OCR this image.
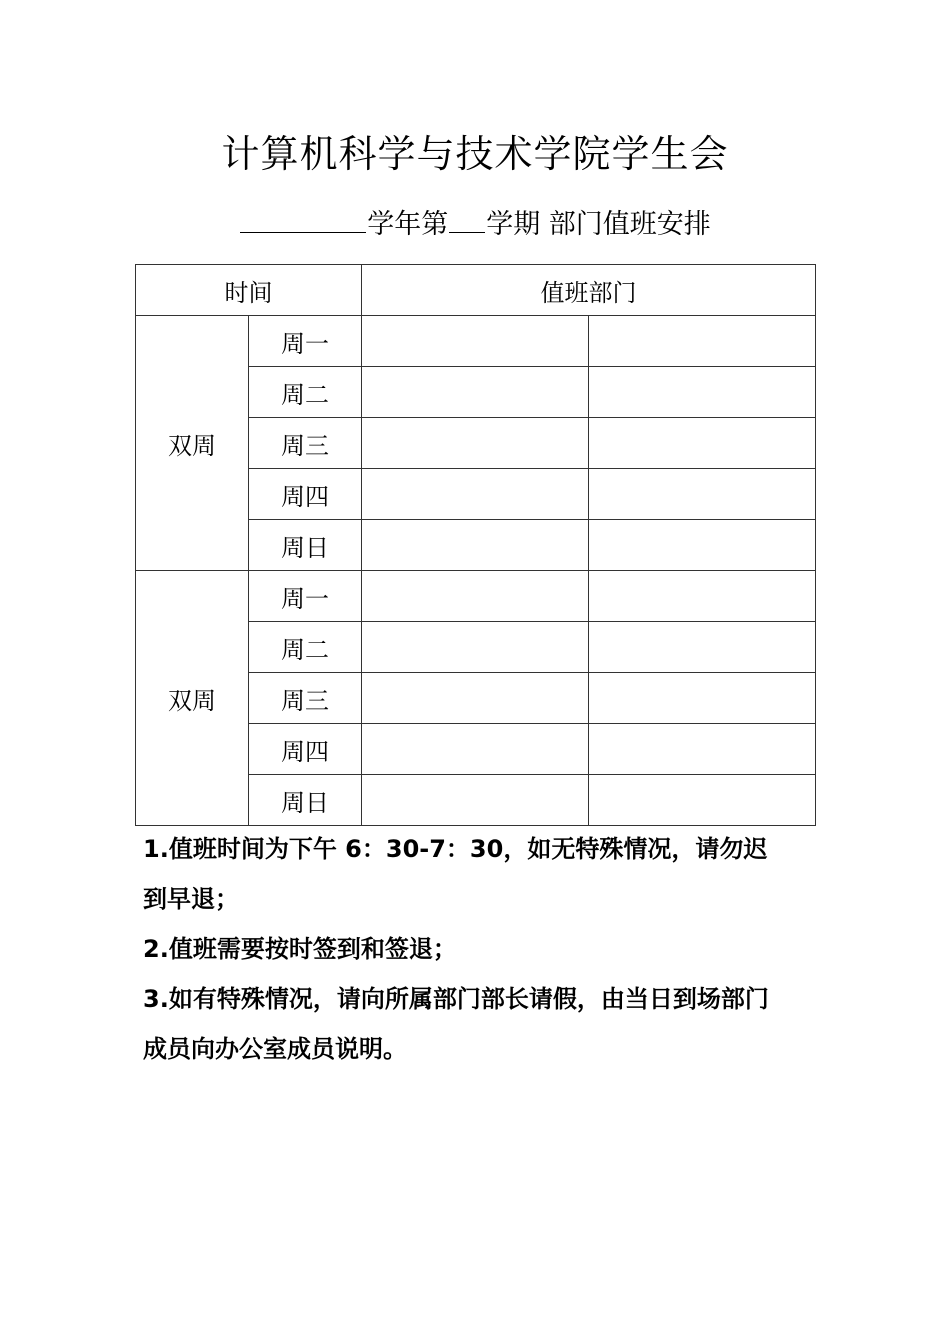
计算机科学与技术学院学生会
学年第 学期 部门值班安排
时间		值班部门	
双周	周一		
	周二		
	周三		
	周四		
	周日		
双周	周一		
	周二		
	周三		
	周四		
	周日		

1.值班时间为下午 6：30-7：30，如无特殊情况，请勿迟

到早退；

2.值班需要按时签到和签退；

3.如有特殊情况，请向所属部门部长请假，由当日到场部门

成员向办公室成员说明。
